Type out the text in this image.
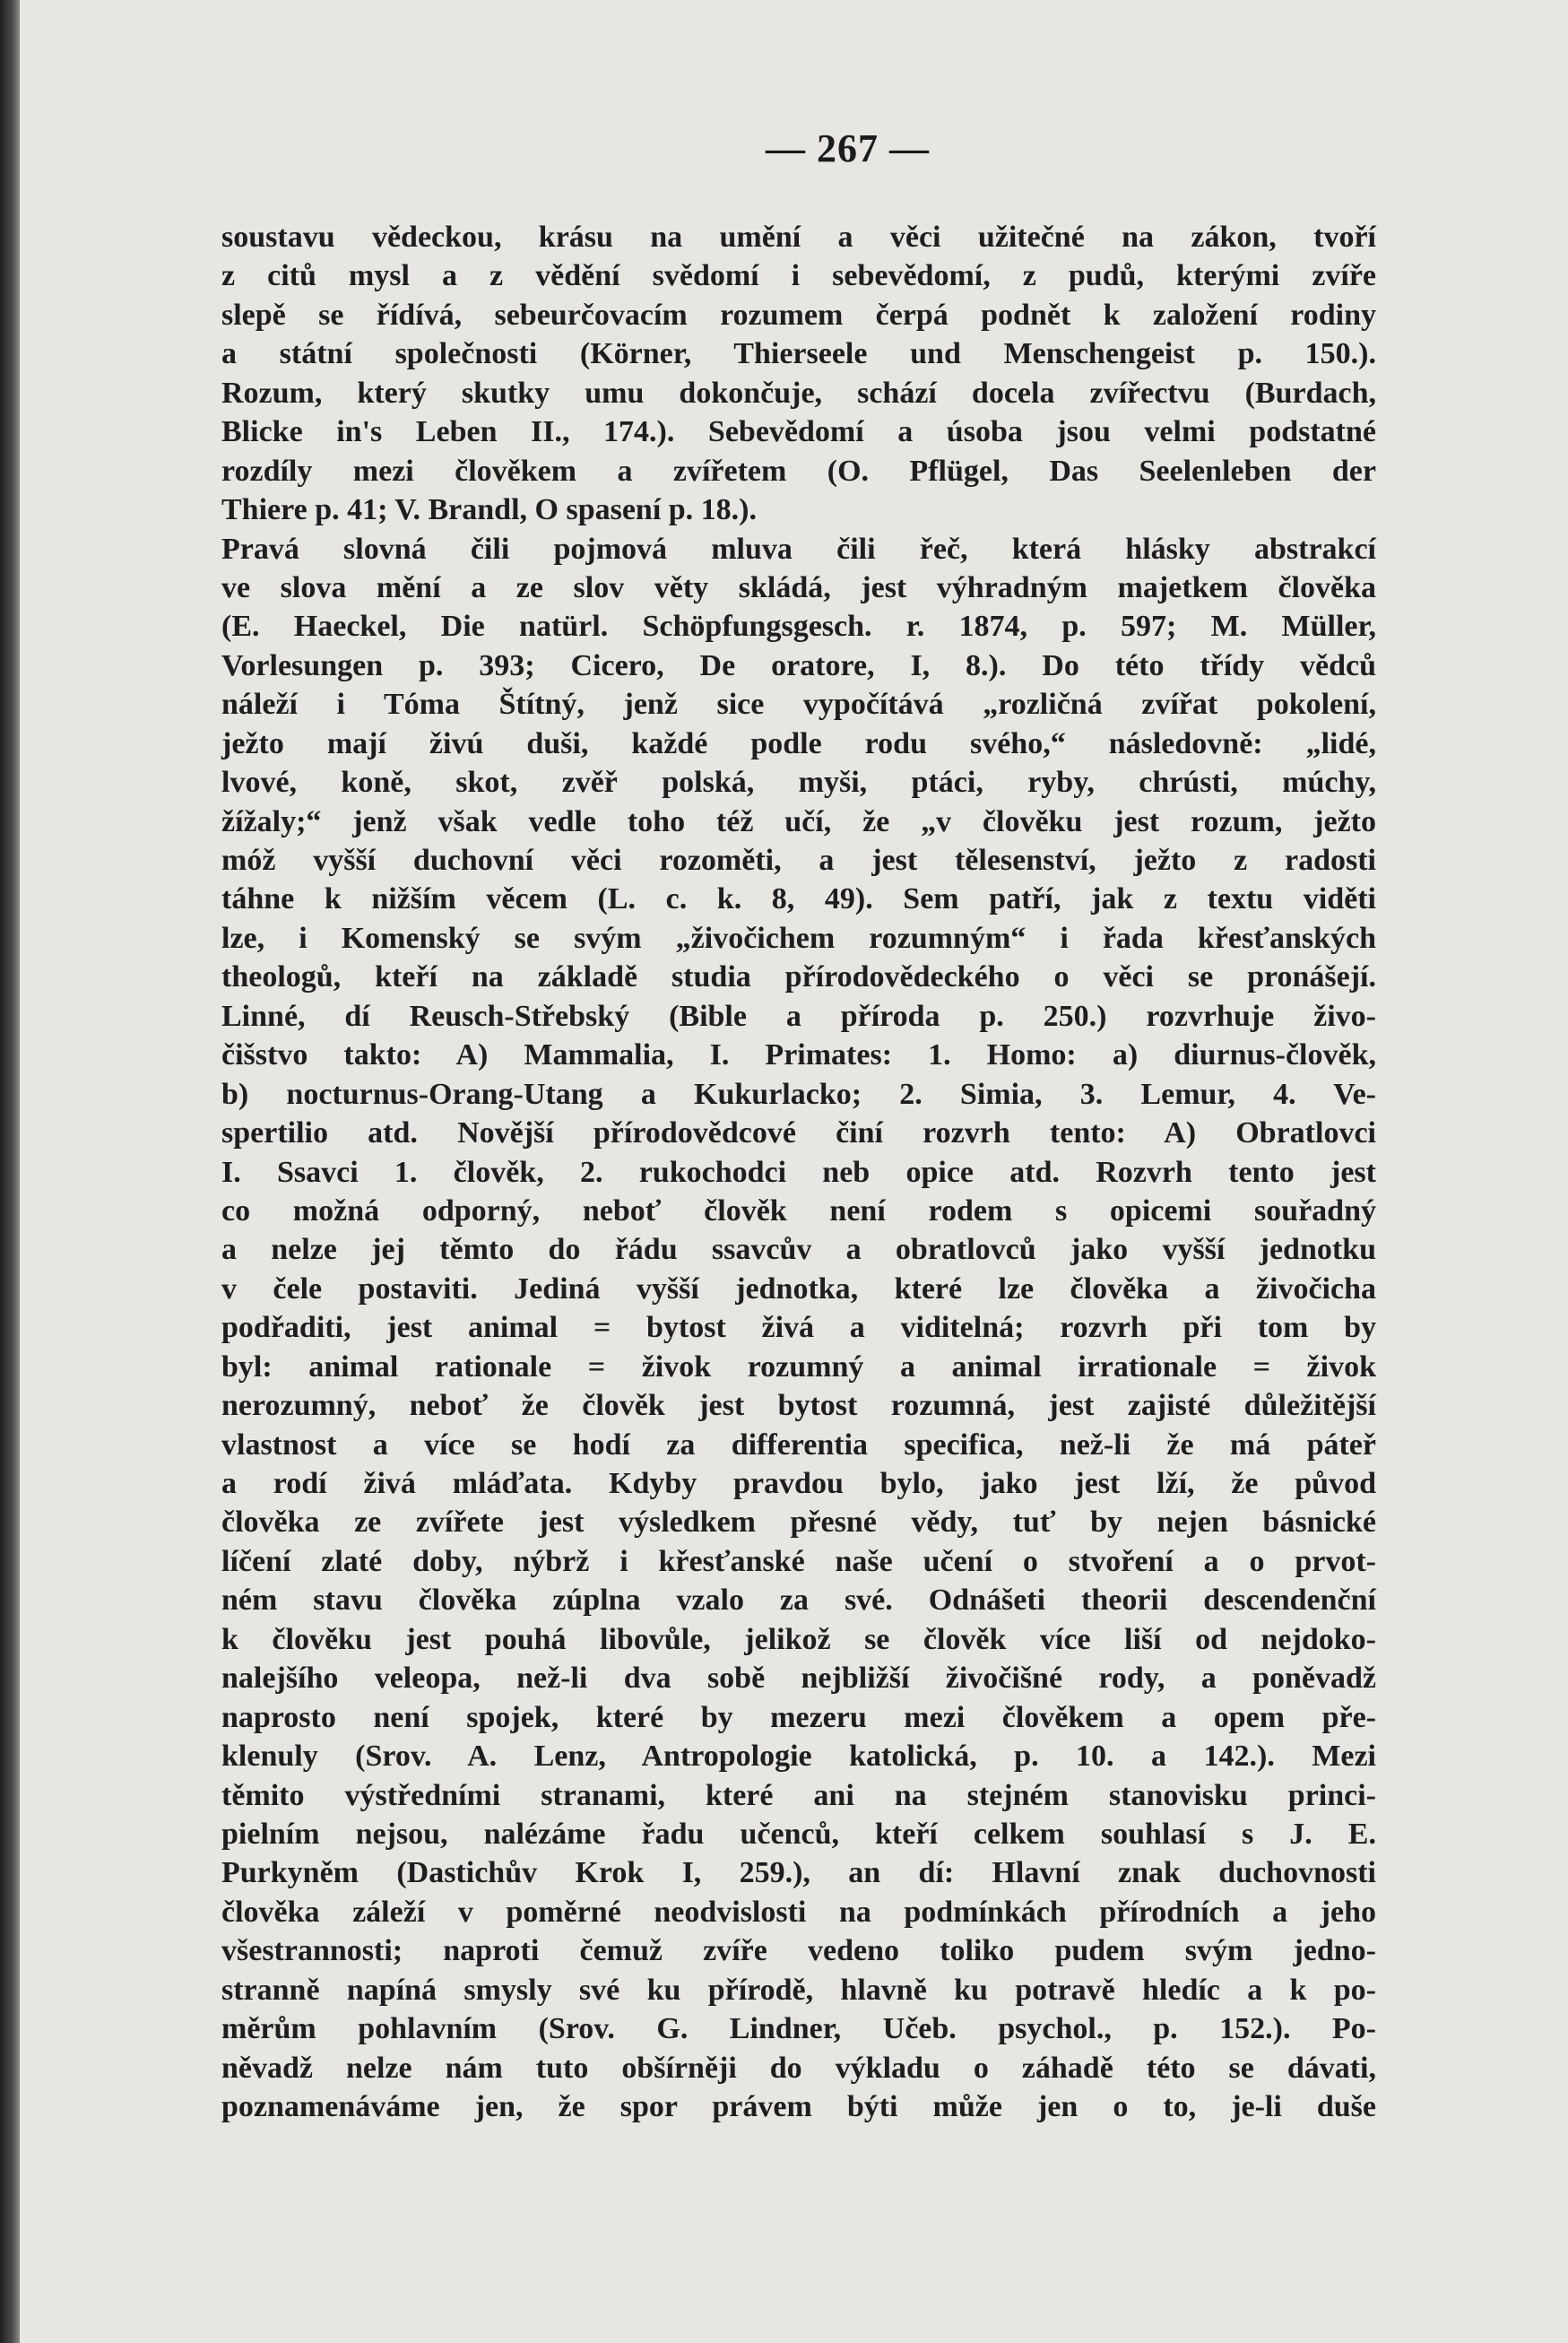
— 267 —
soustavu vědeckou, krásu na umění a věci užitečné na zákon, tvoří
z citů mysl a z vědění svědomí i sebevědomí, z pudů, kterými zvíře
slepě se řídívá, sebeurčovacím rozumem čerpá podnět k založení rodiny
a státní společnosti (Körner, Thierseele und Menschengeist p. 150.).
Rozum, který skutky umu dokončuje, schází docela zvířectvu (Burdach,
Blicke in's Leben II., 174.). Sebevědomí a úsoba jsou velmi podstatné
rozdíly mezi člověkem a zvířetem (O. Pflügel, Das Seelenleben der
Thiere p. 41; V. Brandl, O spasení p. 18.).
Pravá slovná čili pojmová mluva čili řeč, která hlásky abstrakcí
ve slova mění a ze slov věty skládá, jest výhradným majetkem člověka
(E. Haeckel, Die natürl. Schöpfungsgesch. r. 1874, p. 597; M. Müller,
Vorlesungen p. 393; Cicero, De oratore, I, 8.). Do této třídy vědců
náleží i Tóma Štítný, jenž sice vypočítává „rozličná zvířat pokolení,
ježto mají živú duši, každé podle rodu svého,“ následovně: „lidé,
lvové, koně, skot, zvěř polská, myši, ptáci, ryby, chrústi, múchy,
žížaly;“ jenž však vedle toho též učí, že „v člověku jest rozum, ježto
móž vyšší duchovní věci rozoměti, a jest tělesenství, ježto z radosti
táhne k nižším věcem (L. c. k. 8, 49). Sem patří, jak z textu viděti
lze, i Komenský se svým „živočichem rozumným“ i řada křesťanských
theologů, kteří na základě studia přírodovědeckého o věci se pronášejí.
Linné, dí Reusch-Střebský (Bible a příroda p. 250.) rozvrhuje živo-
čišstvo takto: A) Mammalia, I. Primates: 1. Homo: a) diurnus-člověk,
b) nocturnus-Orang-Utang a Kukurlacko; 2. Simia, 3. Lemur, 4. Ve-
spertilio atd. Novější přírodovědcové činí rozvrh tento: A) Obratlovci
I. Ssavci 1. člověk, 2. rukochodci neb opice atd. Rozvrh tento jest
co možná odporný, neboť člověk není rodem s opicemi souřadný
a nelze jej těmto do řádu ssavcův a obratlovců jako vyšší jednotku
v čele postaviti. Jediná vyšší jednotka, které lze člověka a živočicha
podřaditi, jest animal = bytost živá a viditelná; rozvrh při tom by
byl: animal rationale = živok rozumný a animal irrationale = živok
nerozumný, neboť že člověk jest bytost rozumná, jest zajisté důležitější
vlastnost a více se hodí za differentia specifica, než-li že má páteř
a rodí živá mláďata. Kdyby pravdou bylo, jako jest lží, že původ
člověka ze zvířete jest výsledkem přesné vědy, tuť by nejen básnické
líčení zlaté doby, nýbrž i křesťanské naše učení o stvoření a o prvot-
ném stavu člověka zúplna vzalo za své. Odnášeti theorii descendenční
k člověku jest pouhá libovůle, jelikož se člověk více liší od nejdoko-
nalejšího veleopa, než-li dva sobě nejbližší živočišné rody, a poněvadž
naprosto není spojek, které by mezeru mezi člověkem a opem pře-
klenuly (Srov. A. Lenz, Antropologie katolická, p. 10. a 142.). Mezi
těmito výstředními stranami, které ani na stejném stanovisku princi-
pielním nejsou, nalézáme řadu učenců, kteří celkem souhlasí s J. E.
Purkyněm (Dastichův Krok I, 259.), an dí: Hlavní znak duchovnosti
člověka záleží v poměrné neodvislosti na podmínkách přírodních a jeho
všestrannosti; naproti čemuž zvíře vedeno toliko pudem svým jedno-
stranně napíná smysly své ku přírodě, hlavně ku potravě hledíc a k po-
měrům pohlavním (Srov. G. Lindner, Učeb. psychol., p. 152.). Po-
něvadž nelze nám tuto obšírněji do výkladu o záhadě této se dávati,
poznamenáváme jen, že spor právem býti může jen o to, je-li duše
